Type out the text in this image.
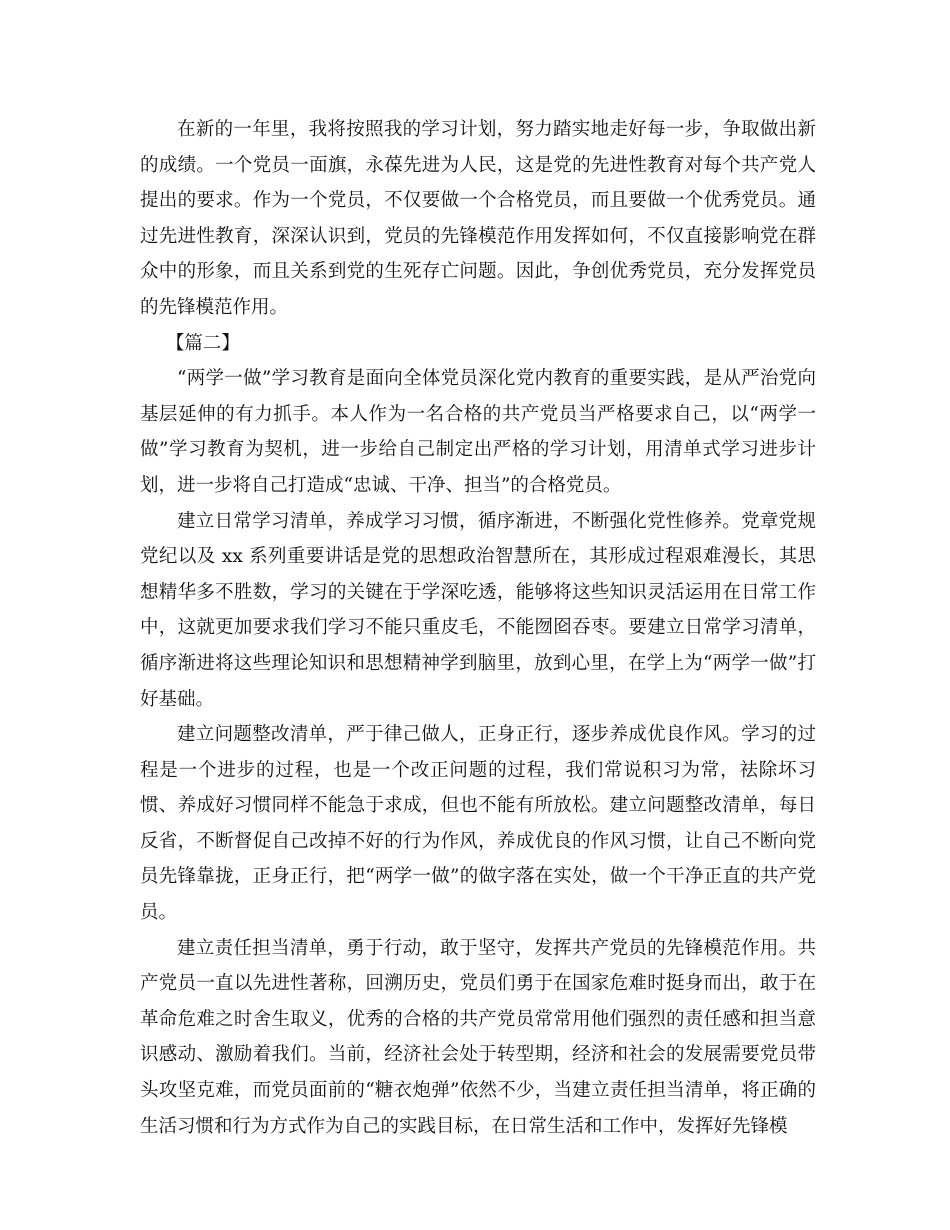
在新的一年里，我将按照我的学习计划，努力踏实地走好每一步，争取做出新的成绩。一个党员一面旗，永葆先进为人民，这是党的先进性教育对每个共产党人提出的要求。作为一个党员，不仅要做一个合格党员，而且要做一个优秀党员。通过先进性教育，深深认识到，党员的先锋模范作用发挥如何，不仅直接影响党在群众中的形象，而且关系到党的生死存亡问题。因此，争创优秀党员，充分发挥党员的先锋模范作用。

【篇二】

“两学一做”学习教育是面向全体党员深化党内教育的重要实践，是从严治党向基层延伸的有力抓手。本人作为一名合格的共产党员当严格要求自己，以“两学一做”学习教育为契机，进一步给自己制定出严格的学习计划，用清单式学习进步计划，进一步将自己打造成“忠诚、干净、担当”的合格党员。

建立日常学习清单，养成学习习惯，循序渐进，不断强化党性修养。党章党规党纪以及 xx 系列重要讲话是党的思想政治智慧所在，其形成过程艰难漫长，其思想精华多不胜数，学习的关键在于学深吃透，能够将这些知识灵活运用在日常工作中，这就更加要求我们学习不能只重皮毛，不能囫囵吞枣。要建立日常学习清单，循序渐进将这些理论知识和思想精神学到脑里，放到心里，在学上为“两学一做”打好基础。

建立问题整改清单，严于律己做人，正身正行，逐步养成优良作风。学习的过程是一个进步的过程，也是一个改正问题的过程，我们常说积习为常，祛除坏习惯、养成好习惯同样不能急于求成，但也不能有所放松。建立问题整改清单，每日反省，不断督促自己改掉不好的行为作风，养成优良的作风习惯，让自己不断向党员先锋靠拢，正身正行，把“两学一做”的做字落在实处，做一个干净正直的共产党员。

建立责任担当清单，勇于行动，敢于坚守，发挥共产党员的先锋模范作用。共产党员一直以先进性著称，回溯历史，党员们勇于在国家危难时挺身而出，敢于在革命危难之时舍生取义，优秀的合格的共产党员常常用他们强烈的责任感和担当意识感动、激励着我们。当前，经济社会处于转型期，经济和社会的发展需要党员带头攻坚克难，而党员面前的“糖衣炮弹”依然不少，当建立责任担当清单，将正确的生活习惯和行为方式作为自己的实践目标，在日常生活和工作中，发挥好先锋模
